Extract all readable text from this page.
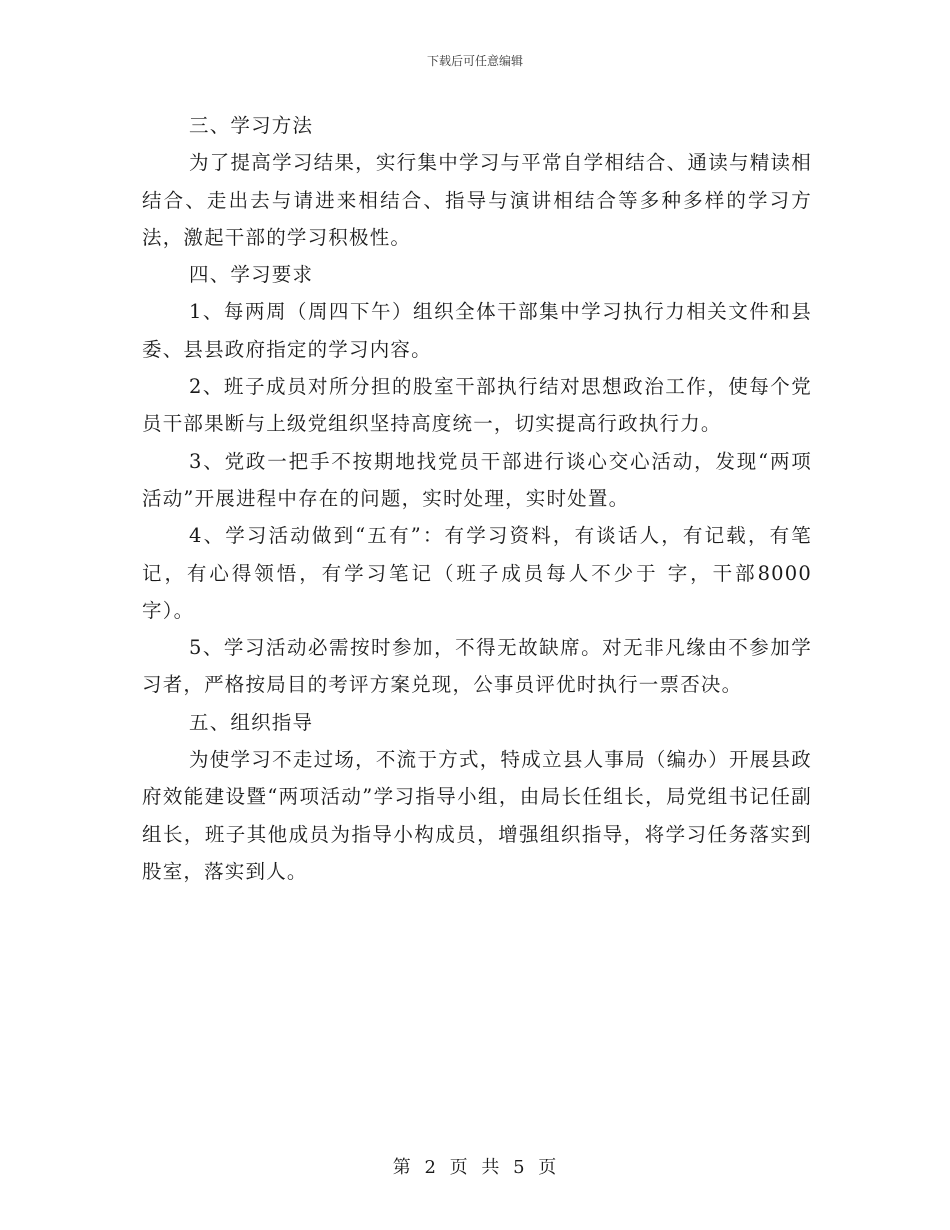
下载后可任意编辑

三、学习方法

为了提高学习结果，实行集中学习与平常自学相结合、通读与精读相结合、走出去与请进来相结合、指导与演讲相结合等多种多样的学习方法，激起干部的学习积极性。

四、学习要求

1、每两周（周四下午）组织全体干部集中学习执行力相关文件和县委、县县政府指定的学习内容。

2、班子成员对所分担的股室干部执行结对思想政治工作，使每个党员干部果断与上级党组织坚持高度统一，切实提高行政执行力。

3、党政一把手不按期地找党员干部进行谈心交心活动，发现“两项活动”开展进程中存在的问题，实时处理，实时处置。

4、学习活动做到“五有”：有学习资料，有谈话人，有记载，有笔记，有心得领悟，有学习笔记（班子成员每人不少于 字，干部8000字）。

5、学习活动必需按时参加，不得无故缺席。对无非凡缘由不参加学习者，严格按局目的考评方案兑现，公事员评优时执行一票否决。

五、组织指导

为使学习不走过场，不流于方式，特成立县人事局（编办）开展县政府效能建设暨“两项活动”学习指导小组，由局长任组长，局党组书记任副组长，班子其他成员为指导小构成员，增强组织指导，将学习任务落实到股室，落实到人。

第 2 页 共 5 页
